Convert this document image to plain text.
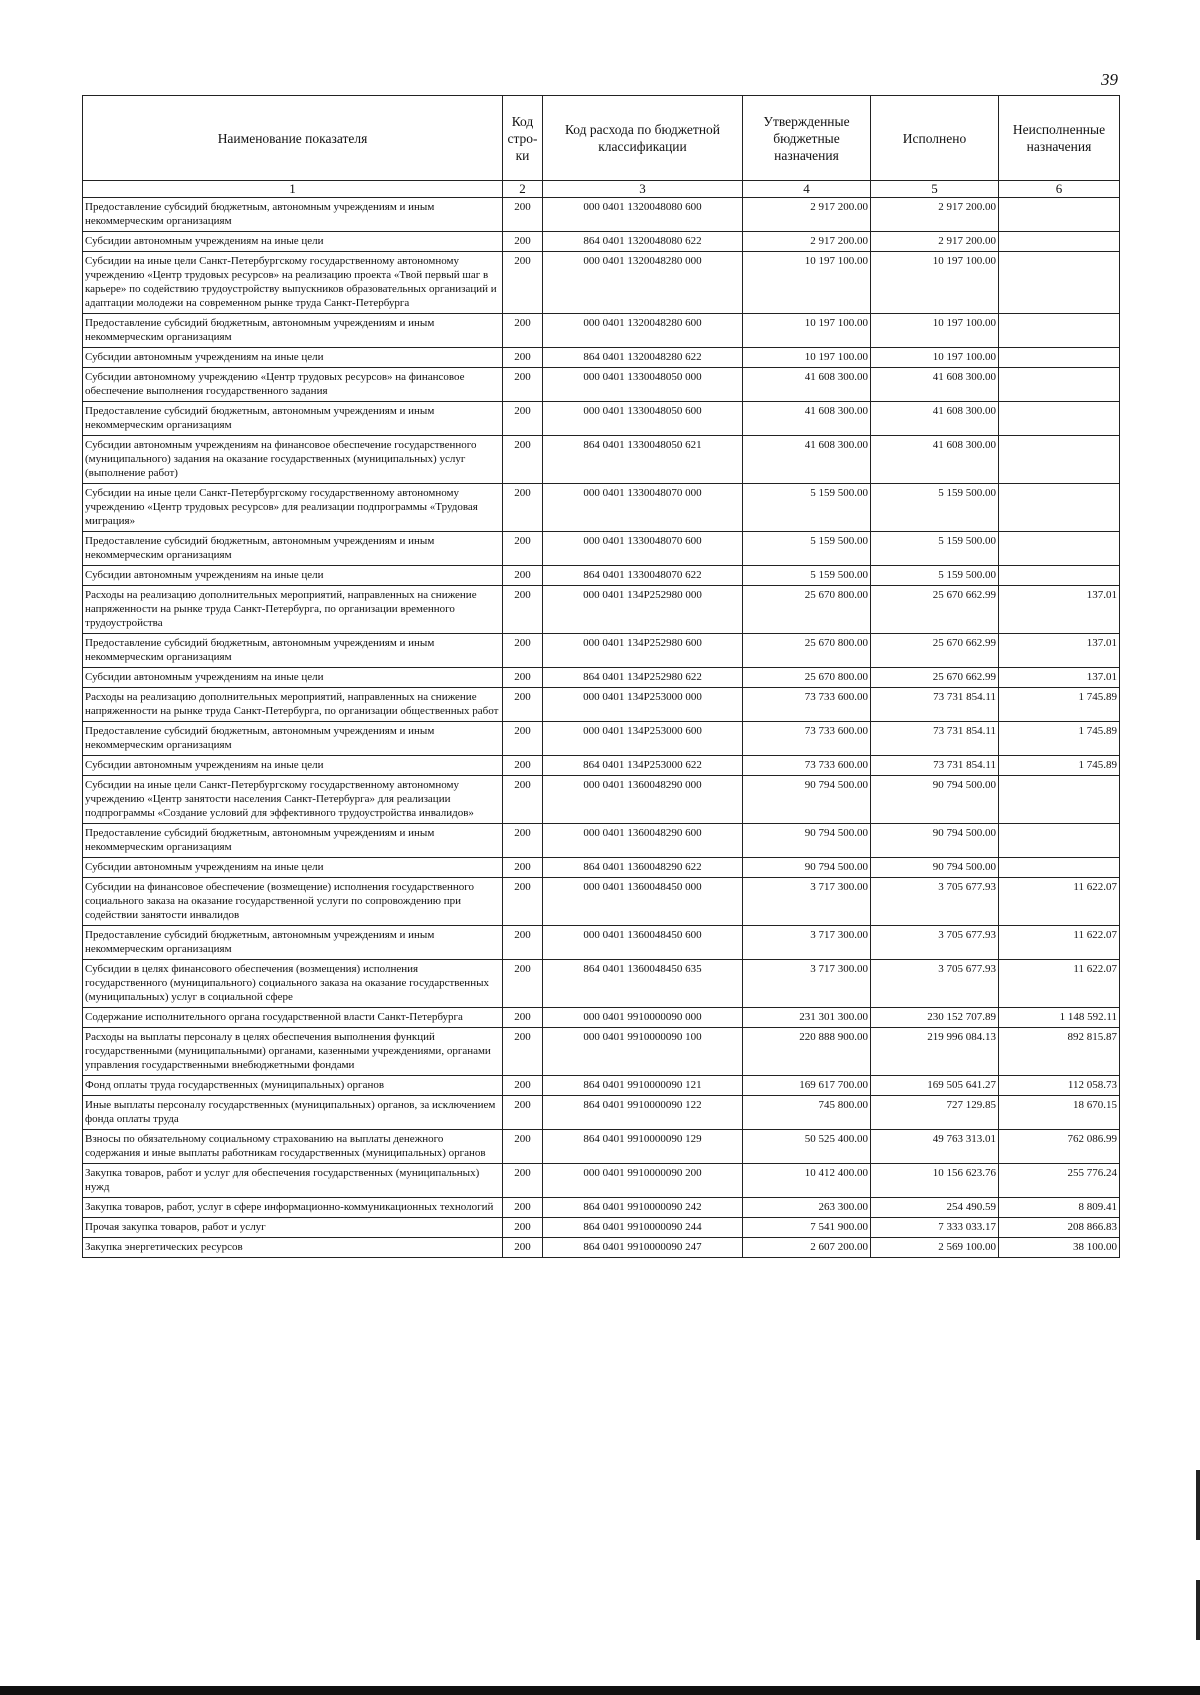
39
Наименование показателя	Код стро-ки	Код расхода по бюджетной классификации	Утвержденные бюджетные назначения	Исполнено	Неисполненные назначения
1	2	3	4	5	6
Предоставление субсидий бюджетным, автономным учреждениям и иным некоммерческим организациям	200	000 0401 1320048080 600	2 917 200.00	2 917 200.00	
Субсидии автономным учреждениям на иные цели	200	864 0401 1320048080 622	2 917 200.00	2 917 200.00	
Субсидии на иные цели Санкт-Петербургскому государственному автономному учреждению «Центр трудовых ресурсов» на реализацию проекта «Твой первый шаг в карьере» по содействию трудоустройству выпускников образовательных организаций и адаптации молодежи на современном рынке труда Санкт-Петербурга	200	000 0401 1320048280 000	10 197 100.00	10 197 100.00	
Предоставление субсидий бюджетным, автономным учреждениям и иным некоммерческим организациям	200	000 0401 1320048280 600	10 197 100.00	10 197 100.00	
Субсидии автономным учреждениям на иные цели	200	864 0401 1320048280 622	10 197 100.00	10 197 100.00	
Субсидии автономному учреждению «Центр трудовых ресурсов» на финансовое обеспечение выполнения государственного задания	200	000 0401 1330048050 000	41 608 300.00	41 608 300.00	
Предоставление субсидий бюджетным, автономным учреждениям и иным некоммерческим организациям	200	000 0401 1330048050 600	41 608 300.00	41 608 300.00	
Субсидии автономным учреждениям на финансовое обеспечение государственного (муниципального) задания на оказание государственных (муниципальных) услуг (выполнение работ)	200	864 0401 1330048050 621	41 608 300.00	41 608 300.00	
Субсидии на иные цели Санкт-Петербургскому государственному автономному учреждению «Центр трудовых ресурсов» для реализации подпрограммы «Трудовая миграция»	200	000 0401 1330048070 000	5 159 500.00	5 159 500.00	
Предоставление субсидий бюджетным, автономным учреждениям и иным некоммерческим организациям	200	000 0401 1330048070 600	5 159 500.00	5 159 500.00	
Субсидии автономным учреждениям на иные цели	200	864 0401 1330048070 622	5 159 500.00	5 159 500.00	
Расходы на реализацию дополнительных мероприятий, направленных на снижение напряженности на рынке труда Санкт-Петербурга, по организации временного трудоустройства	200	000 0401 134P252980 000	25 670 800.00	25 670 662.99	137.01
Предоставление субсидий бюджетным, автономным учреждениям и иным некоммерческим организациям	200	000 0401 134P252980 600	25 670 800.00	25 670 662.99	137.01
Субсидии автономным учреждениям на иные цели	200	864 0401 134P252980 622	25 670 800.00	25 670 662.99	137.01
Расходы на реализацию дополнительных мероприятий, направленных на снижение напряженности на рынке труда Санкт-Петербурга, по организации общественных работ	200	000 0401 134P253000 000	73 733 600.00	73 731 854.11	1 745.89
Предоставление субсидий бюджетным, автономным учреждениям и иным некоммерческим организациям	200	000 0401 134P253000 600	73 733 600.00	73 731 854.11	1 745.89
Субсидии автономным учреждениям на иные цели	200	864 0401 134P253000 622	73 733 600.00	73 731 854.11	1 745.89
Субсидии на иные цели Санкт-Петербургскому государственному автономному учреждению «Центр занятости населения Санкт-Петербурга» для реализации подпрограммы «Создание условий для эффективного трудоустройства инвалидов»	200	000 0401 1360048290 000	90 794 500.00	90 794 500.00	
Предоставление субсидий бюджетным, автономным учреждениям и иным некоммерческим организациям	200	000 0401 1360048290 600	90 794 500.00	90 794 500.00	
Субсидии автономным учреждениям на иные цели	200	864 0401 1360048290 622	90 794 500.00	90 794 500.00	
Субсидии на финансовое обеспечение (возмещение) исполнения государственного социального заказа на оказание государственной услуги по сопровождению при содействии занятости инвалидов	200	000 0401 1360048450 000	3 717 300.00	3 705 677.93	11 622.07
Предоставление субсидий бюджетным, автономным учреждениям и иным некоммерческим организациям	200	000 0401 1360048450 600	3 717 300.00	3 705 677.93	11 622.07
Субсидии в целях финансового обеспечения (возмещения) исполнения государственного (муниципального) социального заказа на оказание государственных (муниципальных) услуг в социальной сфере	200	864 0401 1360048450 635	3 717 300.00	3 705 677.93	11 622.07
Содержание исполнительного органа государственной власти Санкт-Петербурга	200	000 0401 9910000090 000	231 301 300.00	230 152 707.89	1 148 592.11
Расходы на выплаты персоналу в целях обеспечения выполнения функций государственными (муниципальными) органами, казенными учреждениями, органами управления государственными внебюджетными фондами	200	000 0401 9910000090 100	220 888 900.00	219 996 084.13	892 815.87
Фонд оплаты труда государственных (муниципальных) органов	200	864 0401 9910000090 121	169 617 700.00	169 505 641.27	112 058.73
Иные выплаты персоналу государственных (муниципальных) органов, за исключением фонда оплаты труда	200	864 0401 9910000090 122	745 800.00	727 129.85	18 670.15
Взносы по обязательному социальному страхованию на выплаты денежного содержания и иные выплаты работникам государственных (муниципальных) органов	200	864 0401 9910000090 129	50 525 400.00	49 763 313.01	762 086.99
Закупка товаров, работ и услуг для обеспечения государственных (муниципальных) нужд	200	000 0401 9910000090 200	10 412 400.00	10 156 623.76	255 776.24
Закупка товаров, работ, услуг в сфере информационно-коммуникационных технологий	200	864 0401 9910000090 242	263 300.00	254 490.59	8 809.41
Прочая закупка товаров, работ и услуг	200	864 0401 9910000090 244	7 541 900.00	7 333 033.17	208 866.83
Закупка энергетических ресурсов	200	864 0401 9910000090 247	2 607 200.00	2 569 100.00	38 100.00
